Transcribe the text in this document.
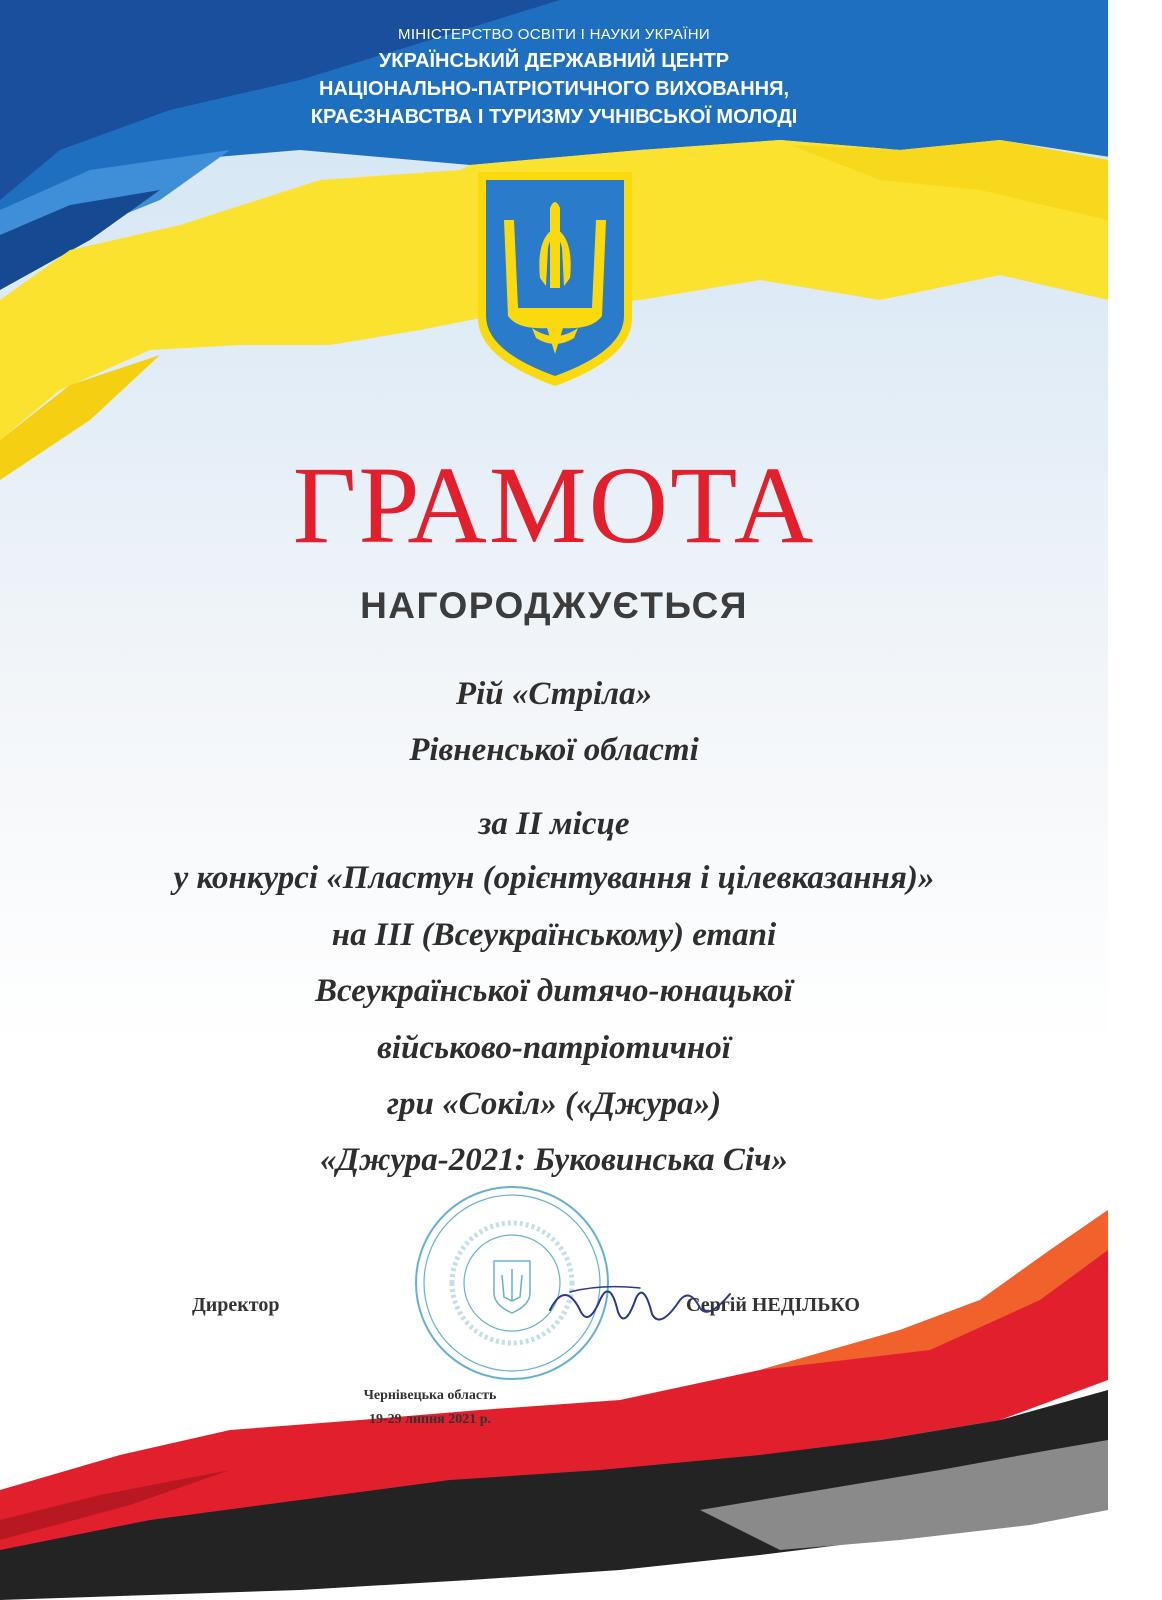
МІНІСТЕРСТВО ОСВІТИ І НАУКИ УКРАЇНИ
УКРАЇНСЬКИЙ ДЕРЖАВНИЙ ЦЕНТР
НАЦІОНАЛЬНО-ПАТРІОТИЧНОГО ВИХОВАННЯ,
КРАЄЗНАВСТВА І ТУРИЗМУ УЧНІВСЬКОЇ МОЛОДІ
ГРАМОТА
НАГОРОДЖУЄТЬСЯ
Рій «Стріла»
Рівненської області
за ІІ місце
у конкурсі «Пластун (орієнтування і цілевказання)»
на ІІІ (Всеукраїнському) етапі
Всеукраїнської дитячо-юнацької
військово-патріотичної
гри «Сокіл» («Джура»)
«Джура-2021: Буковинська Січ»
Директор	Сергій НЕДІЛЬКО
Чернівецька область
19-29 липня 2021 р.
